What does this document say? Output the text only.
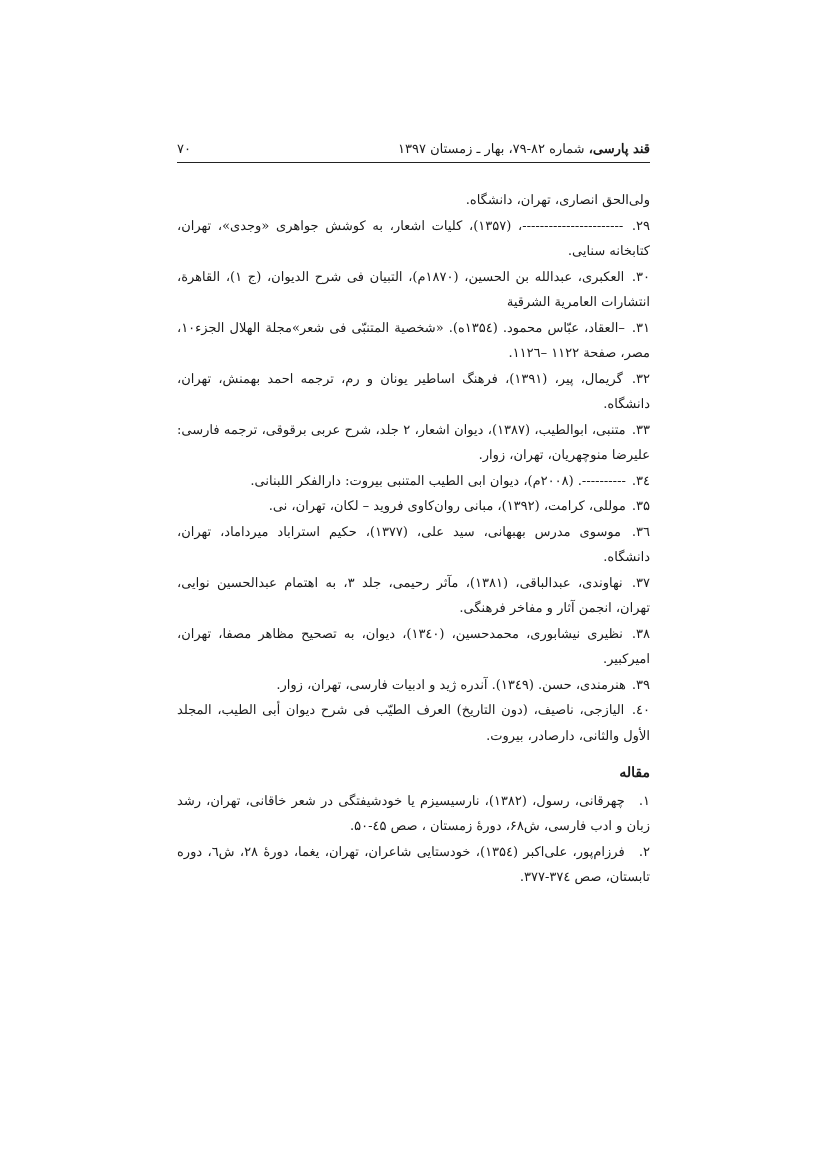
قند پارسی، شماره ۸۲-۷۹، بهار ـ زمستان ۱۳۹۷
۷۰

ولی‌الحق انصاری، تهران، دانشگاه.

۲۹. -----------------------، (۱۳۵۷)، کلیات اشعار، به کوشش جواهری «وجدی»، تهران، کتابخانه سنایی.

۳۰. العکبری، عبدالله بن الحسین، (۱۸۷۰م)، التبیان فی شرح الدیوان، (ج ۱)، القاهرة، انتشارات العامرية الشرقية

۳۱. –العقاد، عبّاس محمود. (۱۳۵٤ه). «شخصية المتنبّی فی شعر»مجلة الهلال الجزء۱۰، مصر، صفحة ۱۱۲۲ –۱۱۲٦.

۳۲. گریمال، پیر، (۱۳۹۱)، فرهنگ اساطیر یونان و رم، ترجمه احمد بهمنش، تهران، دانشگاه.

۳۳. متنبی، ابوالطیب، (۱۳۸۷)، دیوان اشعار، ۲ جلد، شرح عربی برقوقی، ترجمه فارسی: علیرضا منوچهریان، تهران، زوار.

۳٤. ----------. (۲۰۰۸م)، دیوان ابی الطیب المتنبی بیروت: دارالفکر اللبنانی.

۳۵. موللی، کرامت، (۱۳۹۲)، مبانی روان‌کاوی فروید – لکان، تهران، نی.

۳٦. موسوی مدرس بهبهانی، سید علی، (۱۳۷۷)، حکیم استراباد میرداماد، تهران، دانشگاه.

۳۷. نهاوندی، عبدالباقی، (۱۳۸۱)، مآثر رحیمی، جلد ۳، به اهتمام عبدالحسین نوایی، تهران، انجمن آثار و مفاخر فرهنگی.

۳۸. نظیری نیشابوری، محمدحسین، (۱۳٤۰)، دیوان، به تصحیح مظاهر مصفا، تهران، امیرکبیر.

۳۹. هنرمندی، حسن. (۱۳٤۹). آندره ژید و ادبیات فارسی، تهران، زوار.

٤۰. الیازجی، ناصیف، (دون التاریخ) العرف الطیّب فی شرح دیوان أبی الطیب، المجلد الأول والثانی، دارصادر، بیروت.

مقاله

۱. چهرقانی، رسول، (۱۳۸۲)، نارسیسیزم یا خودشیفتگی در شعر خاقانی، تهران، رشد زبان و ادب فارسی، ش۶۸، دورۀ زمستان ، صص ٤۵-۵۰.

۲. فرزام‌پور، علی‌اکبر (۱۳۵٤)، خودستایی شاعران، تهران، یغما، دورۀ ۲۸، ش٦، دوره تابستان، صص ۳۷٤-۳۷۷.
